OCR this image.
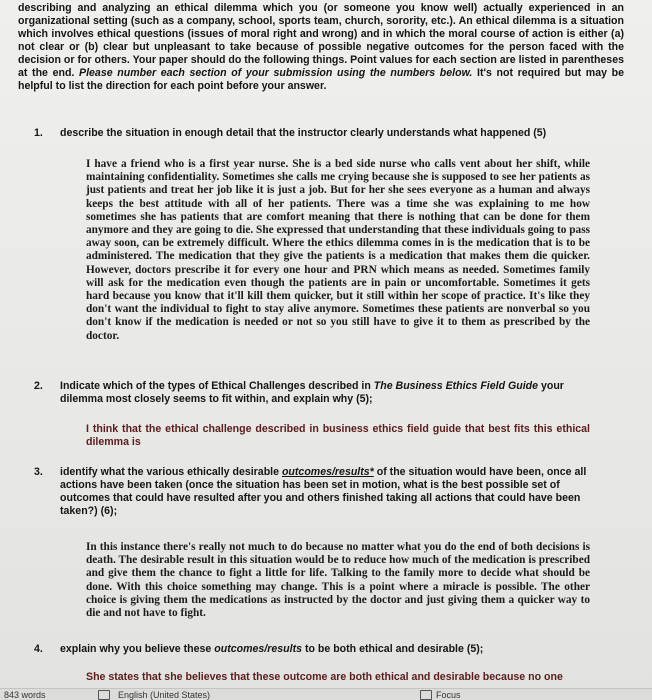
describing and analyzing an ethical dilemma which you (or someone you know well) actually experienced in an organizational setting (such as a company, school, sports team, church, sorority, etc.). An ethical dilemma is a situation which involves ethical questions (issues of moral right and wrong) and in which the moral course of action is either (a) not clear or (b) clear but unpleasant to take because of possible negative outcomes for the person faced with the decision or for others. Your paper should do the following things. Point values for each section are listed in parentheses at the end. Please number each section of your submission using the numbers below. It's not required but may be helpful to list the direction for each point before your answer.

1. describe the situation in enough detail that the instructor clearly understands what happened (5)

I have a friend who is a first year nurse. She is a bed side nurse who calls vent about her shift, while maintaining confidentiality. Sometimes she calls me crying because she is supposed to see her patients as just patients and treat her job like it is just a job. But for her she sees everyone as a human and always keeps the best attitude with all of her patients. There was a time she was explaining to me how sometimes she has patients that are comfort meaning that there is nothing that can be done for them anymore and they are going to die. She expressed that understanding that these individuals going to pass away soon, can be extremely difficult. Where the ethics dilemma comes in is the medication that is to be administered. The medication that they give the patients is a medication that makes them die quicker. However, doctors prescribe it for every one hour and PRN which means as needed. Sometimes family will ask for the medication even though the patients are in pain or uncomfortable. Sometimes it gets hard because you know that it'll kill them quicker, but it still within her scope of practice. It's like they don't want the individual to fight to stay alive anymore. Sometimes these patients are nonverbal so you don't know if the medication is needed or not so you still have to give it to them as prescribed by the doctor.

2. Indicate which of the types of Ethical Challenges described in The Business Ethics Field Guide your dilemma most closely seems to fit within, and explain why (5);

I think that the ethical challenge described in business ethics field guide that best fits this ethical dilemma is

3. identify what the various ethically desirable outcomes/results* of the situation would have been, once all actions have been taken (once the situation has been set in motion, what is the best possible set of outcomes that could have resulted after you and others finished taking all actions that could have been taken?) (6);

In this instance there's really not much to do because no matter what you do the end of both decisions is death. The desirable result in this situation would be to reduce how much of the medication is prescribed and give them the chance to fight a little for life. Talking to the family more to decide what should be done. With this choice something may change. This is a point where a miracle is possible. The other choice is giving them the medications as instructed by the doctor and just giving them a quicker way to die and not have to fight.

4. explain why you believe these outcomes/results to be both ethical and desirable (5);

She states that she believes that these outcome are both ethical and desirable because no one

843 words	English (United States)	Focus
